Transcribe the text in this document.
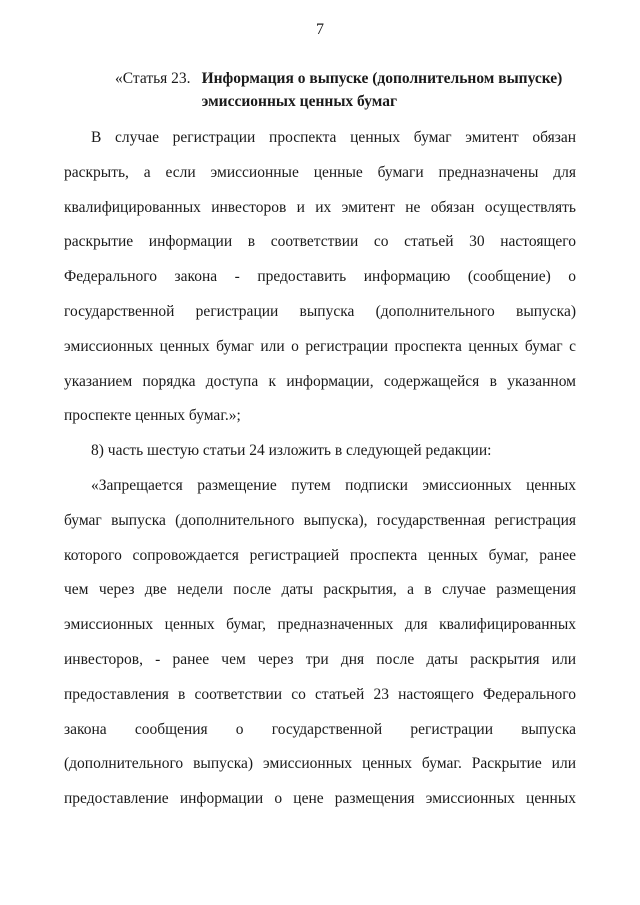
7
«Статья 23. Информация о выпуске (дополнительном выпуске)
эмиссионных ценных бумаг
В случае регистрации проспекта ценных бумаг эмитент обязан
раскрыть, а если эмиссионные ценные бумаги предназначены для
квалифицированных инвесторов и их эмитент не обязан осуществлять
раскрытие информации в соответствии со статьей 30 настоящего
Федерального закона - предоставить информацию (сообщение) о
государственной регистрации выпуска (дополнительного выпуска)
эмиссионных ценных бумаг или о регистрации проспекта ценных бумаг с
указанием порядка доступа к информации, содержащейся в указанном
проспекте ценных бумаг.»;
8) часть шестую статьи 24 изложить в следующей редакции:
«Запрещается размещение путем подписки эмиссионных ценных
бумаг выпуска (дополнительного выпуска), государственная регистрация
которого сопровождается регистрацией проспекта ценных бумаг, ранее
чем через две недели после даты раскрытия, а в случае размещения
эмиссионных ценных бумаг, предназначенных для квалифицированных
инвесторов, - ранее чем через три дня после даты раскрытия или
предоставления в соответствии со статьей 23 настоящего Федерального
закона сообщения о государственной регистрации выпуска
(дополнительного выпуска) эмиссионных ценных бумаг. Раскрытие или
предоставление информации о цене размещения эмиссионных ценных
